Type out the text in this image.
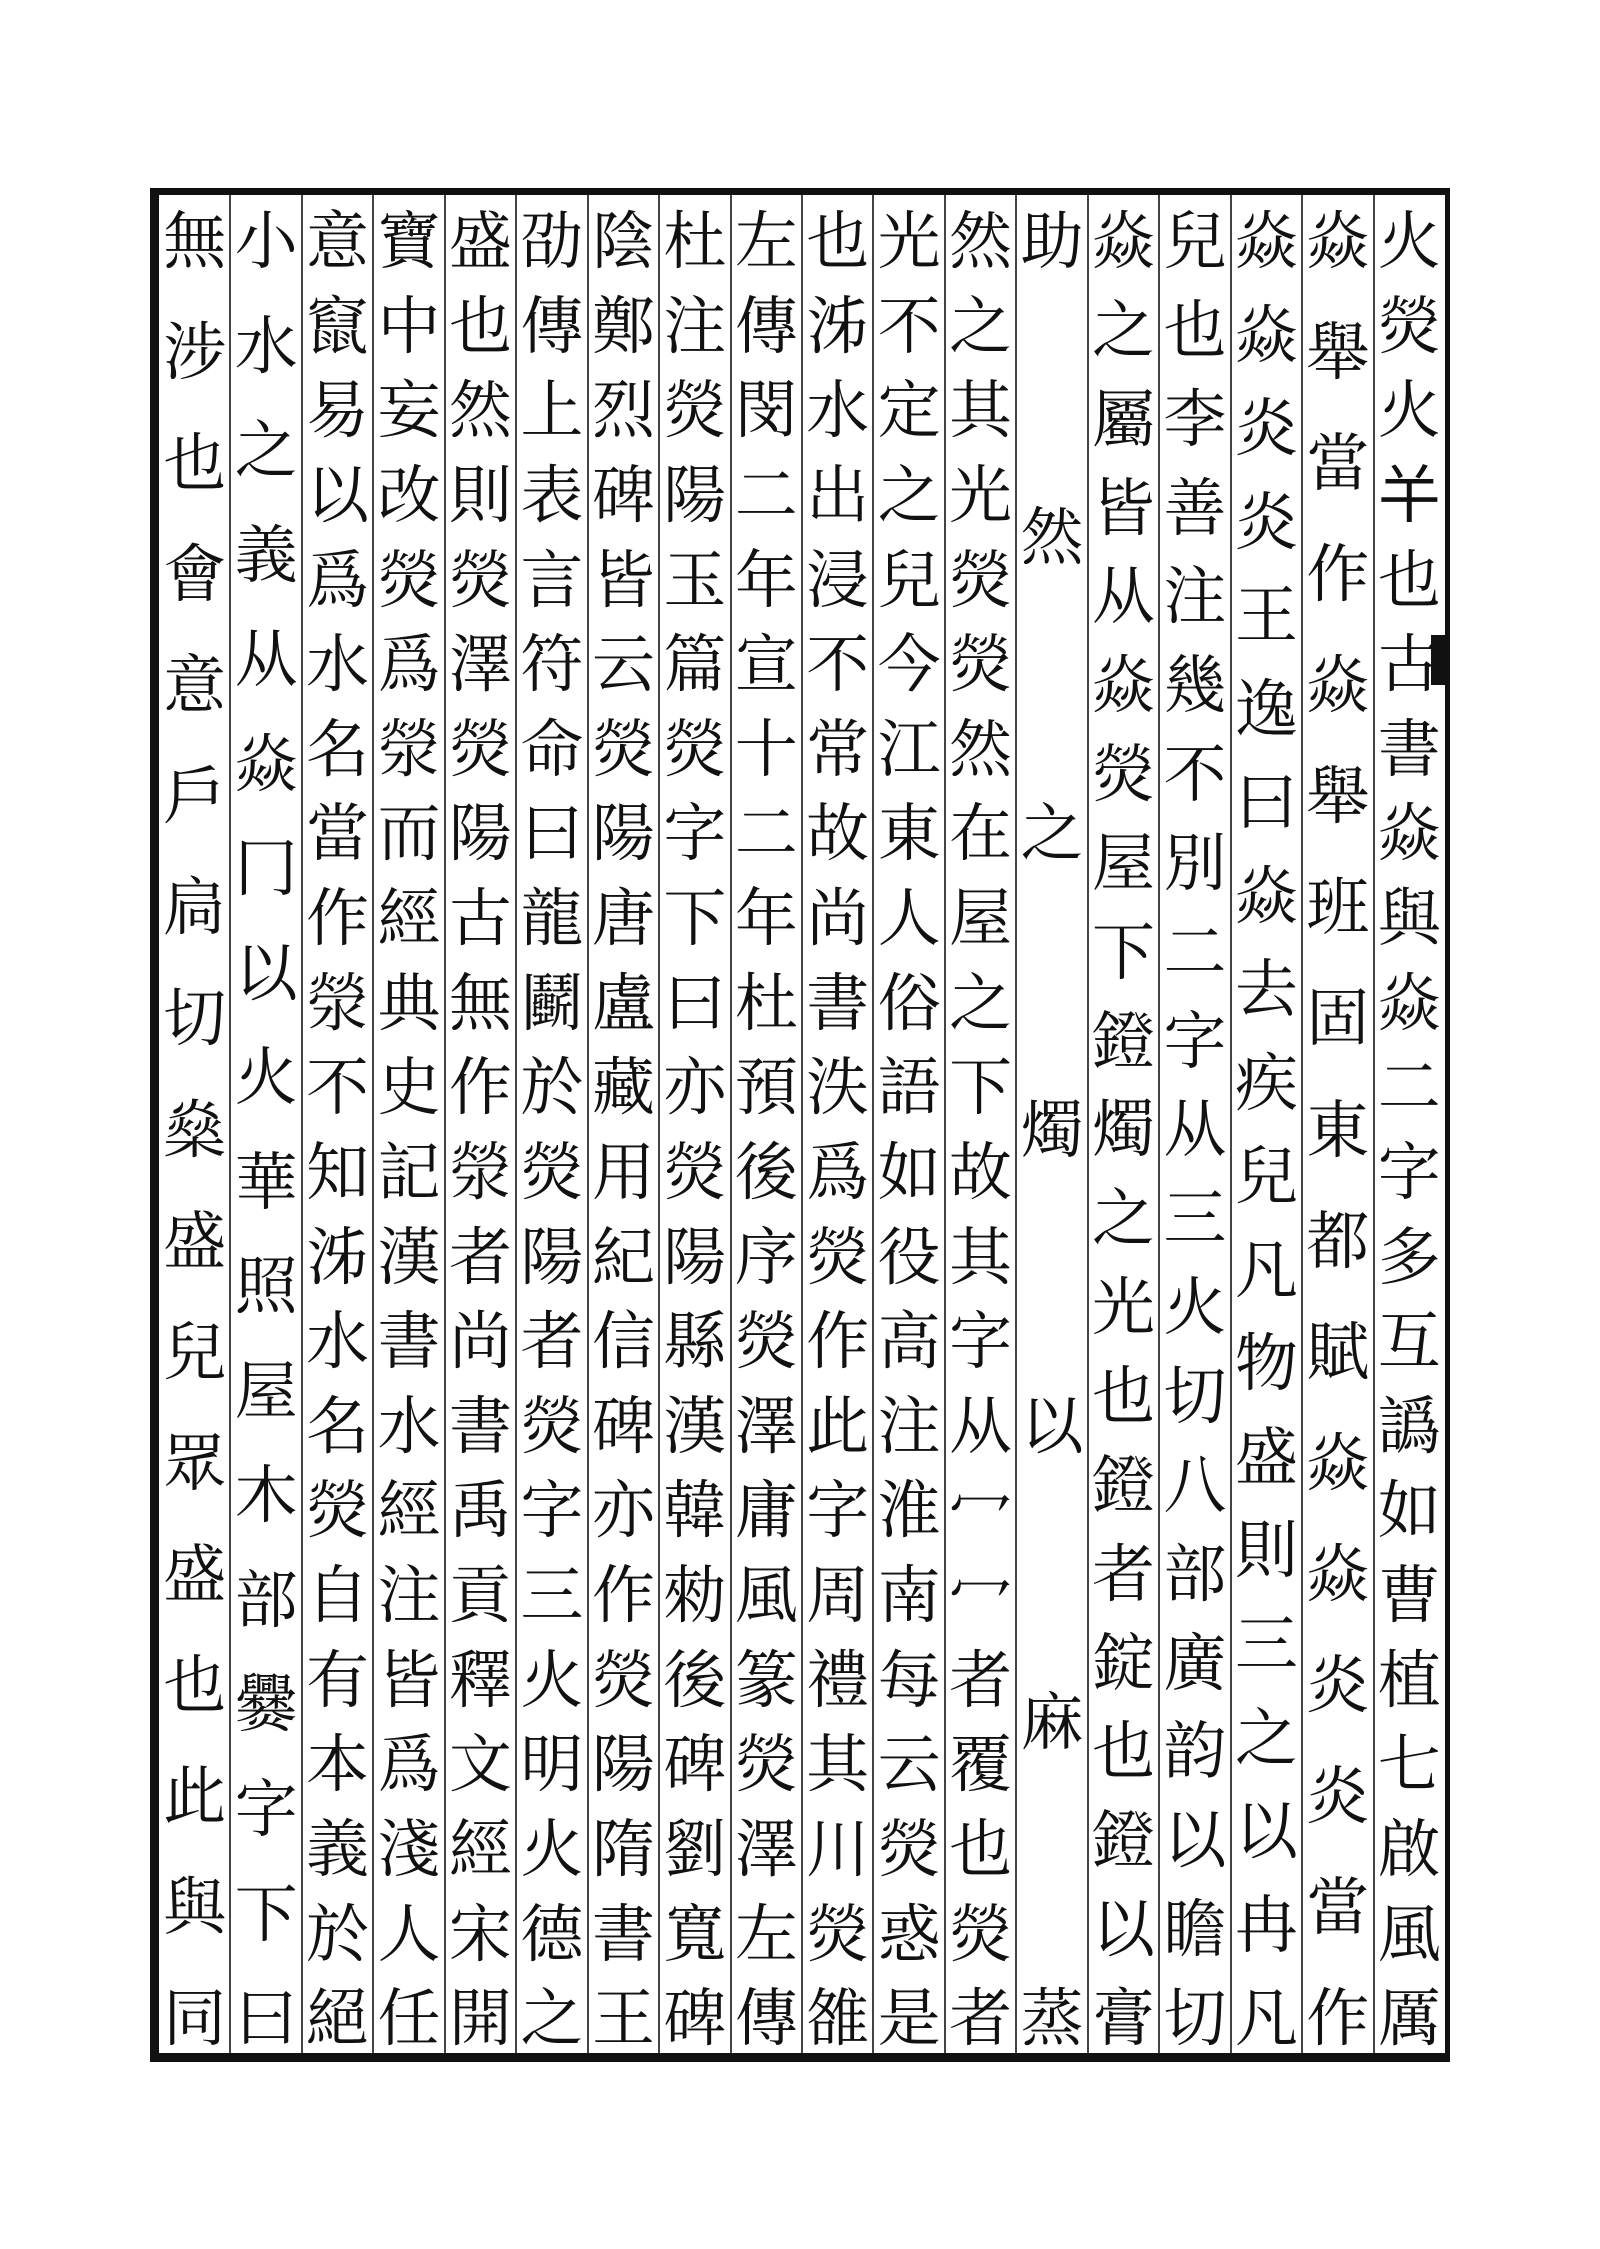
火
熒
火
𢆉
也
古
書
焱
與
焱
二
字
多
互
譌
如
曹
植
七
啟
風
厲
焱
舉
當
作
焱
舉
班
固
東
都
賦
焱
焱
炎
炎
當
作
焱
焱
炎
炎
王
逸
曰
焱
去
疾
兒
凡
物
盛
則
三
之
以
冉
凡
兒
也
李
善
注
幾
不
別
二
字
从
三
火
切
八
部
廣
韵
以
瞻
切
焱
之
屬
皆
从
焱
熒
屋
下
鐙
燭
之
光
也
鐙
者
錠
也
鐙
以
膏
助
然
之
燭
以
麻
蒸
然
之
其
光
熒
熒
然
在
屋
之
下
故
其
字
从
冖
冖
者
覆
也
熒
者
光
不
定
之
兒
今
江
東
人
俗
語
如
役
高
注
淮
南
每
云
熒
惑
是
也
泲
水
出
浸
不
常
故
尚
書
泆
爲
熒
作
此
字
周
禮
其
川
熒
雒
左
傳
閔
二
年
宣
十
二
年
杜
預
後
序
熒
澤
庸
風
篆
熒
澤
左
傳
杜
注
熒
陽
玉
篇
熒
字
下
曰
亦
熒
陽
縣
漢
韓
勑
後
碑
劉
寬
碑
陰
鄭
烈
碑
皆
云
熒
陽
唐
盧
藏
用
紀
信
碑
亦
作
熒
陽
隋
書
王
劭
傳
上
表
言
符
命
曰
龍
鬬
於
熒
陽
者
熒
字
三
火
明
火
德
之
盛
也
然
則
熒
澤
熒
陽
古
無
作
滎
者
尚
書
禹
貢
釋
文
經
宋
開
寶
中
妄
改
熒
爲
滎
而
經
典
史
記
漢
書
水
經
注
皆
爲
淺
人
任
意
竄
易
以
爲
水
名
當
作
滎
不
知
泲
水
名
熒
自
有
本
義
於
絕
小
水
之
義
从
焱
冂
以
火
華
照
屋
木
部
爨
字
下
曰
無
涉
也
會
意
戶
扃
切
燊
盛
兒
眾
盛
也
此
與
同
